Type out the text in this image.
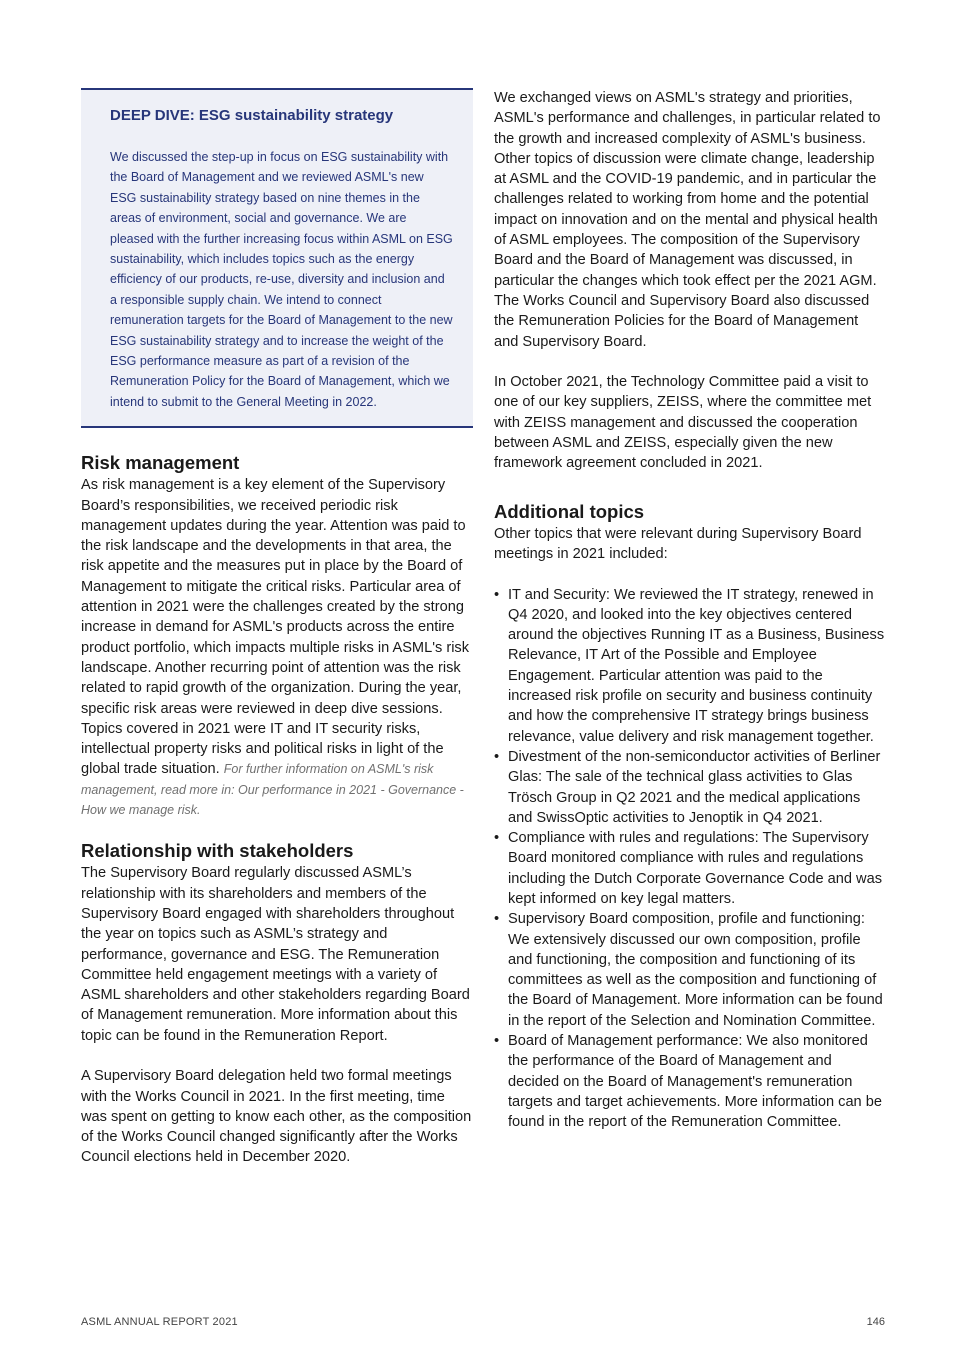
DEEP DIVE: ESG sustainability strategy

We discussed the step-up in focus on ESG sustainability with the Board of Management and we reviewed ASML's new ESG sustainability strategy based on nine themes in the areas of environment, social and governance. We are pleased with the further increasing focus within ASML on ESG sustainability, which includes topics such as the energy efficiency of our products, re-use, diversity and inclusion and a responsible supply chain. We intend to connect remuneration targets for the Board of Management to the new ESG sustainability strategy and to increase the weight of the ESG performance measure as part of a revision of the Remuneration Policy for the Board of Management, which we intend to submit to the General Meeting in 2022.

Risk management

As risk management is a key element of the Supervisory Board’s responsibilities, we received periodic risk management updates during the year. Attention was paid to the risk landscape and the developments in that area, the risk appetite and the measures put in place by the Board of Management to mitigate the critical risks. Particular area of attention in 2021 were the challenges created by the strong increase in demand for ASML's products across the entire product portfolio, which impacts multiple risks in ASML's risk landscape. Another recurring point of attention was the risk related to rapid growth of the organization. During the year, specific risk areas were reviewed in deep dive sessions. Topics covered in 2021 were IT and IT security risks, intellectual property risks and political risks in light of the global trade situation. For further information on ASML's risk management, read more in: Our performance in 2021 - Governance - How we manage risk.

Relationship with stakeholders

The Supervisory Board regularly discussed ASML’s relationship with its shareholders and members of the Supervisory Board engaged with shareholders throughout the year on topics such as ASML’s strategy and performance, governance and ESG. The Remuneration Committee held engagement meetings with a variety of ASML shareholders and other stakeholders regarding Board of Management remuneration. More information about this topic can be found in the Remuneration Report.

A Supervisory Board delegation held two formal meetings with the Works Council in 2021. In the first meeting, time was spent on getting to know each other, as the composition of the Works Council changed significantly after the Works Council elections held in December 2020.

We exchanged views on ASML's strategy and priorities, ASML's performance and challenges, in particular related to the growth and increased complexity of ASML's business. Other topics of discussion were climate change, leadership at ASML and the COVID-19 pandemic, and in particular the challenges related to working from home and the potential impact on innovation and on the mental and physical health of ASML employees. The composition of the Supervisory Board and the Board of Management was discussed, in particular the changes which took effect per the 2021 AGM. The Works Council and Supervisory Board also discussed the Remuneration Policies for the Board of Management and Supervisory Board.

In October 2021, the Technology Committee paid a visit to one of our key suppliers, ZEISS, where the committee met with ZEISS management and discussed the cooperation between ASML and ZEISS, especially given the new framework agreement concluded in 2021.

Additional topics

Other topics that were relevant during Supervisory Board meetings in 2021 included:

• IT and Security: We reviewed the IT strategy, renewed in Q4 2020, and looked into the key objectives centered around the objectives Running IT as a Business, Business Relevance, IT Art of the Possible and Employee Engagement. Particular attention was paid to the increased risk profile on security and business continuity and how the comprehensive IT strategy brings business relevance, value delivery and risk management together.
• Divestment of the non-semiconductor activities of Berliner Glas: The sale of the technical glass activities to Glas Trösch Group in Q2 2021 and the medical applications and SwissOptic activities to Jenoptik in Q4 2021.
• Compliance with rules and regulations: The Supervisory Board monitored compliance with rules and regulations including the Dutch Corporate Governance Code and was kept informed on key legal matters.
• Supervisory Board composition, profile and functioning: We extensively discussed our own composition, profile and functioning, the composition and functioning of its committees as well as the composition and functioning of the Board of Management. More information can be found in the report of the Selection and Nomination Committee.
• Board of Management performance: We also monitored the performance of the Board of Management and decided on the Board of Management's remuneration targets and target achievements. More information can be found in the report of the Remuneration Committee.
ASML ANNUAL REPORT 2021	146
